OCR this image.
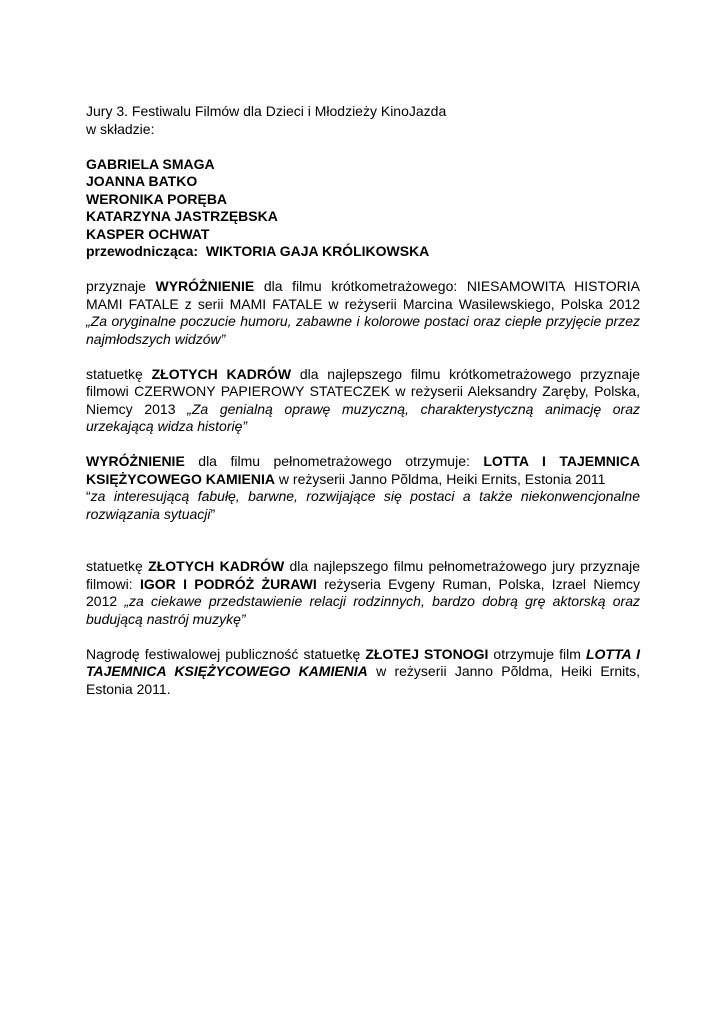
Jury 3. Festiwalu Filmów dla Dzieci i Młodzieży KinoJazda
w składzie:

GABRIELA SMAGA
JOANNA BATKO
WERONIKA PORĘBA
KATARZYNA JASTRZĘBSKA
KASPER OCHWAT
przewodnicząca: WIKTORIA GAJA KRÓLIKOWSKA

przyznaje WYRÓŻNIENIE dla filmu krótkometrażowego: NIESAMOWITA HISTORIA MAMI FATALE z serii MAMI FATALE w reżyserii Marcina Wasilewskiego, Polska 2012 „Za oryginalne poczucie humoru, zabawne i kolorowe postaci oraz ciepłe przyjęcie przez najmłodszych widzów”

statuetkę ZŁOTYCH KADRÓW dla najlepszego filmu krótkometrażowego przyznaje filmowi CZERWONY PAPIEROWY STATECZEK w reżyserii Aleksandry Zaręby, Polska, Niemcy 2013 „Za genialną oprawę muzyczną, charakterystyczną animację oraz urzekającą widza historię”

WYRÓŻNIENIE dla filmu pełnometrażowego otrzymuje: LOTTA I TAJEMNICA KSIĘŻYCOWEGO KAMIENIA w reżyserii Janno Põldma, Heiki Ernits, Estonia 2011
“za interesującą fabułę, barwne, rozwijające się postaci a także niekonwencjonalne rozwiązania sytuacji”

statuetkę ZŁOTYCH KADRÓW dla najlepszego filmu pełnometrażowego jury przyznaje filmowi: IGOR I PODRÓŻ ŻURAWI reżyseria Evgeny Ruman, Polska, Izrael Niemcy 2012 „za ciekawe przedstawienie relacji rodzinnych, bardzo dobrą grę aktorską oraz budującą nastrój muzykę”

Nagrodę festiwalowej publiczność statuetkę ZŁOTEJ STONOGI otrzymuje film LOTTA I TAJEMNICA KSIĘŻYCOWEGO KAMIENIA w reżyserii Janno Põldma, Heiki Ernits, Estonia 2011.
